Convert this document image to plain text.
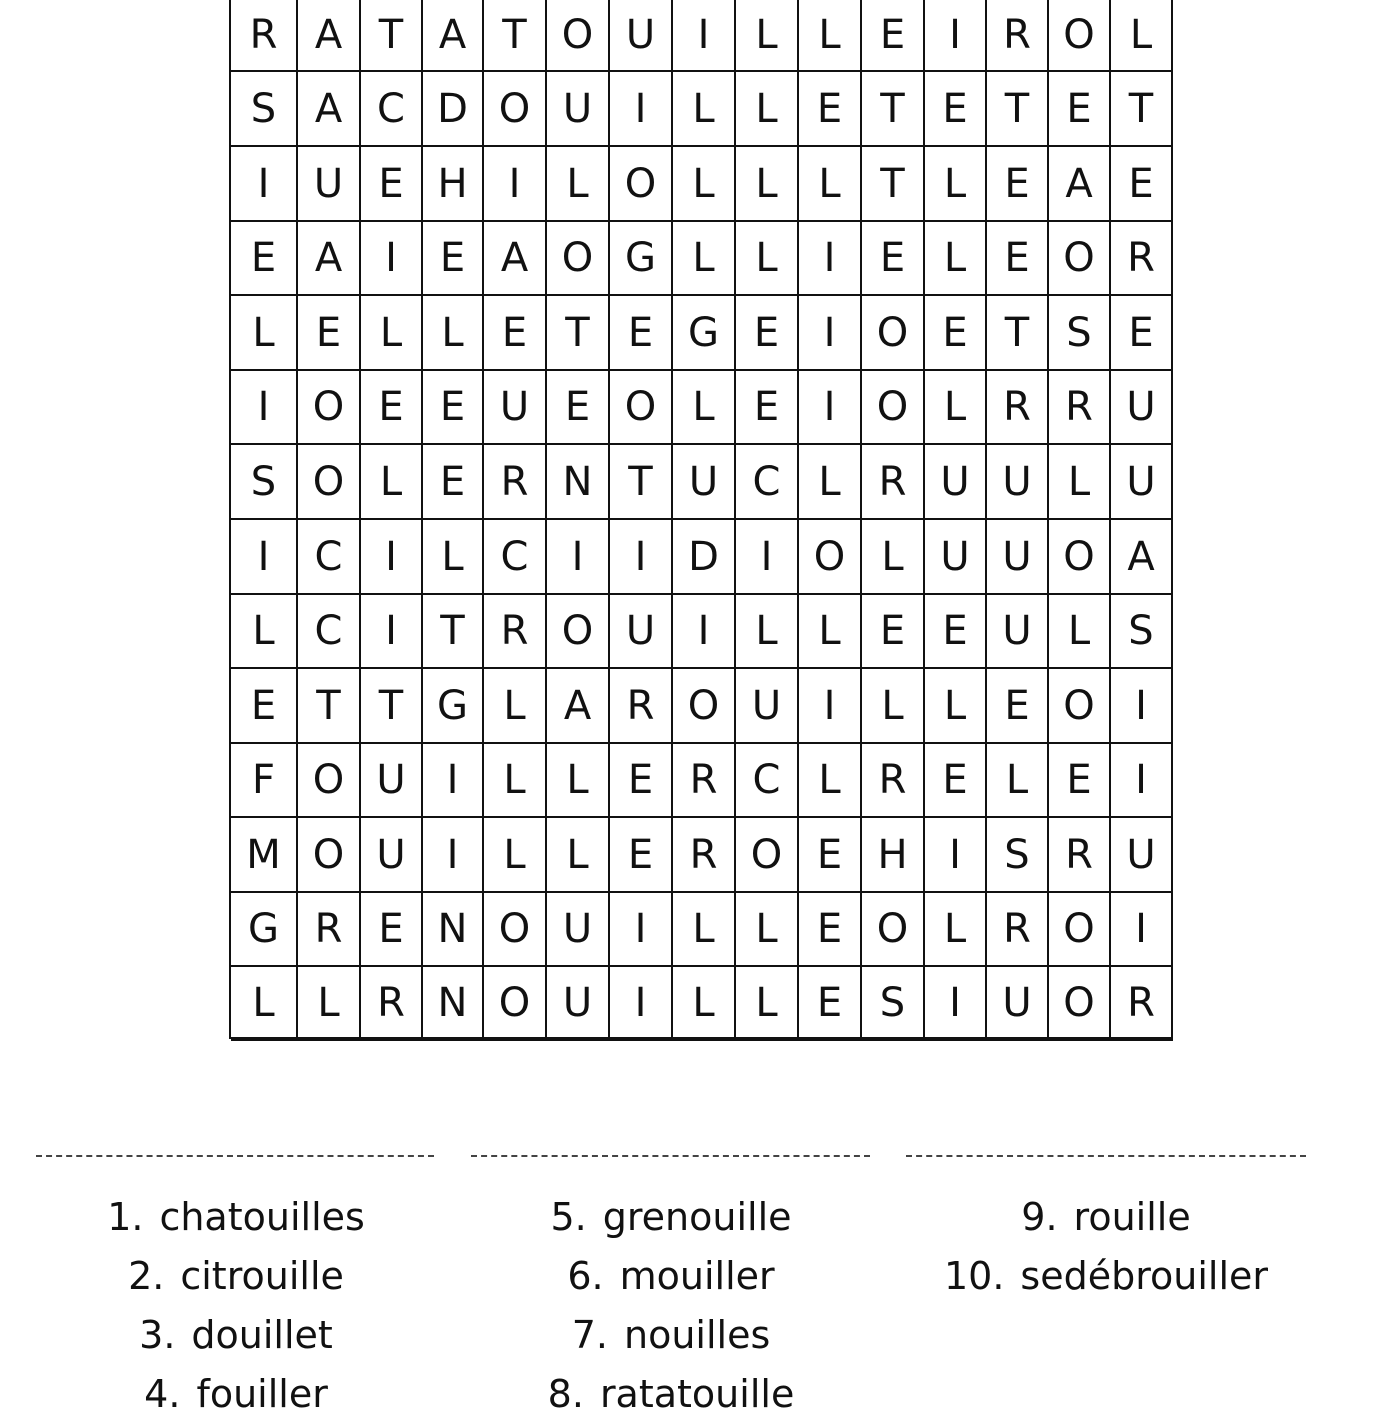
R A T A T O U	I	L	L E	I	R O L
S A C D O U	I	L	L E T E T E T
I	U E H	I	L O L	L	L T L E A E
E A	I	E A O G L	L	I	E L E O R
L	E L L E T E G E	I	O E T S E
I	O E E U E O L E	I	O L R R U
S O L E R N T U C L R U U L U
I	C	I	L C	I	I	D	I	O L U U O A
L C	I	T R O U	I	L	L E E U L S
E	T T G L A R O U	I	L	L E O	I
F O U	I	L	L E R C L R E L E	I
M O U	I	L	L E R O E H	I	S R U
G R E N O U	I	L	L E O L R O	I
L	L R N O U	I	L	L E S	I	U O R
1. chatouilles
2. citrouille
3. douillet
4. fouiller
5. grenouille
6. mouiller
7. nouilles
8. ratatouille
9. rouille
10. sedébrouiller
